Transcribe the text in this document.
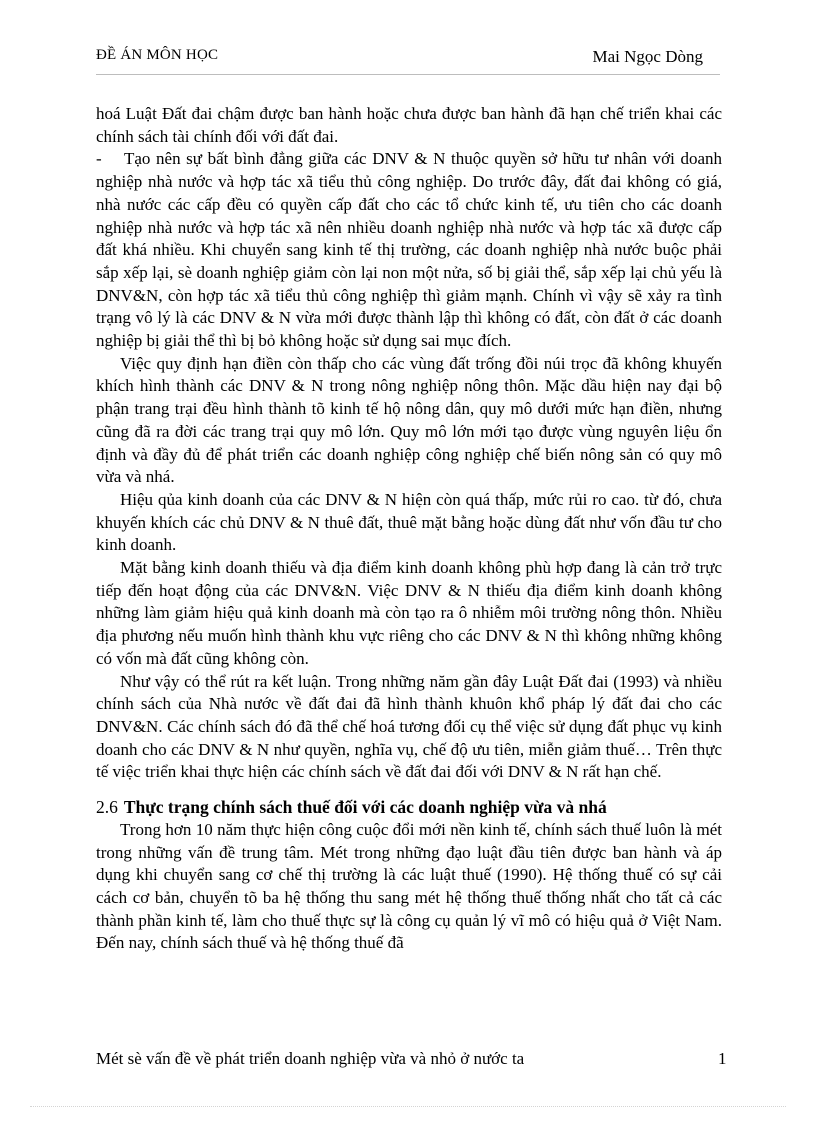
ĐỀ ÁN MÔN HỌC	Mai Ngọc Dòng

hoá Luật Đất đai chậm được ban hành hoặc chưa được ban hành đã hạn chế triển khai các chính sách tài chính đối với đất đai.

- Tạo nên sự bất bình đẳng giữa các DNV & N thuộc quyền sở hữu tư nhân với doanh nghiệp nhà nước và hợp tác xã tiểu thủ công nghiệp. Do trước đây, đất đai không có giá, nhà nước các cấp đều có quyền cấp đất cho các tổ chức kinh tế, ưu tiên cho các doanh nghiệp nhà nước và hợp tác xã nên nhiều doanh nghiệp nhà nước và hợp tác xã được cấp đất khá nhiều. Khi chuyển sang kinh tế thị trường, các doanh nghiệp nhà nước buộc phải sắp xếp lại, sè doanh nghiệp giảm còn lại non một nửa, số bị giải thể, sắp xếp lại chủ yếu là DNV&N, còn hợp tác xã tiểu thủ công nghiệp thì giảm mạnh. Chính vì vậy sẽ xảy ra tình trạng vô lý là các DNV & N vừa mới được thành lập thì không có đất, còn đất ở các doanh nghiệp bị giải thể thì bị bỏ không hoặc sử dụng sai mục đích.

Việc quy định hạn điền còn thấp cho các vùng đất trống đồi núi trọc đã không khuyến khích hình thành các DNV & N trong nông nghiệp nông thôn. Mặc dầu hiện nay đại bộ phận trang trại đều hình thành tõ kinh tế hộ nông dân, quy mô dưới mức hạn điền, nhưng cũng đã ra đời các trang trại quy mô lớn. Quy mô lớn mới tạo được vùng nguyên liệu ổn định và đầy đủ để phát triển các doanh nghiệp công nghiệp chế biến nông sản có quy mô vừa và nhá.

Hiệu qủa kinh doanh của các DNV & N hiện còn quá thấp, mức rủi ro cao. từ đó, chưa khuyến khích các chủ DNV & N thuê đất, thuê mặt bằng hoặc dùng đất như vốn đầu tư cho kinh doanh.

Mặt bằng kinh doanh thiếu và địa điểm kinh doanh không phù hợp đang là cản trở trực tiếp đến hoạt động của các DNV&N. Việc DNV & N thiếu địa điểm kinh doanh không những làm giảm hiệu quả kinh doanh mà còn tạo ra ô nhiễm môi trường nông thôn. Nhiều địa phương nếu muốn hình thành khu vực riêng cho các DNV & N thì không những không có vốn mà đất cũng không còn.

Như vậy có thể rút ra kết luận. Trong những năm gần đây Luật Đất đai (1993) và nhiều chính sách của Nhà nước về đất đai đã hình thành khuôn khổ pháp lý đất đai cho các DNV&N. Các chính sách đó đã thể chế hoá tương đối cụ thể việc sử dụng đất phục vụ kinh doanh cho các DNV & N như quyền, nghĩa vụ, chế độ ưu tiên, miễn giảm thuế… Trên thực tế việc triển khai thực hiện các chính sách về đất đai đối với DNV & N rất hạn chế.

2.6 Thực trạng chính sách thuế đối với các doanh nghiệp vừa và nhá

Trong hơn 10 năm thực hiện công cuộc đổi mới nền kinh tế, chính sách thuế luôn là mét trong những vấn đề trung tâm. Mét trong những đạo luật đầu tiên được ban hành và áp dụng khi chuyển sang cơ chế thị trường là các luật thuế (1990). Hệ thống thuế có sự cải cách cơ bản, chuyển tõ ba hệ thống thu sang mét hệ thống thuế thống nhất cho tất cả các thành phần kinh tế, làm cho thuế thực sự là công cụ quản lý vĩ mô có hiệu quả ở Việt Nam. Đến nay, chính sách thuế và hệ thống thuế đã

Mét sè vấn đề về phát triển doanh nghiệp vừa và nhỏ ở nước ta	1
